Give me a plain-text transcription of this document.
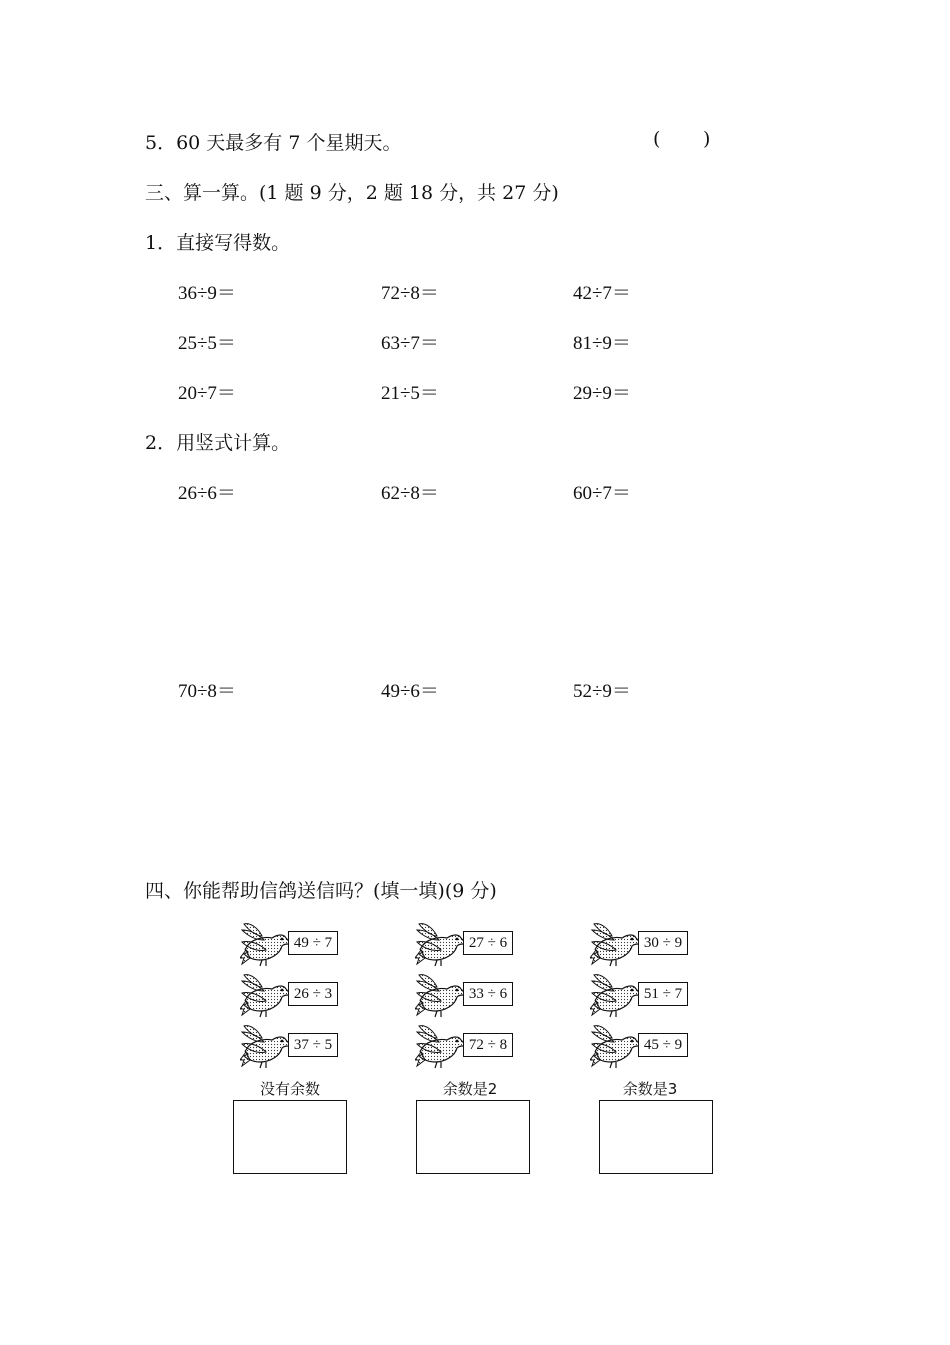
5．60 天最多有 7 个星期天。	( )
三、算一算。(1 题 9 分，2 题 18 分，共 27 分)
1．直接写得数。
36÷9＝	72÷8＝	42÷7＝
25÷5＝	63÷7＝	81÷9＝
20÷7＝	21÷5＝	29÷9＝
2．用竖式计算。
26÷6＝	62÷8＝	60÷7＝
70÷8＝	49÷6＝	52÷9＝
四、你能帮助信鸽送信吗？(填一填)(9 分)
49 ÷ 7
26 ÷ 3
37 ÷ 5
没有余数
27 ÷ 6
33 ÷ 6
72 ÷ 8
余数是2
30 ÷ 9
51 ÷ 7
45 ÷ 9
余数是3
